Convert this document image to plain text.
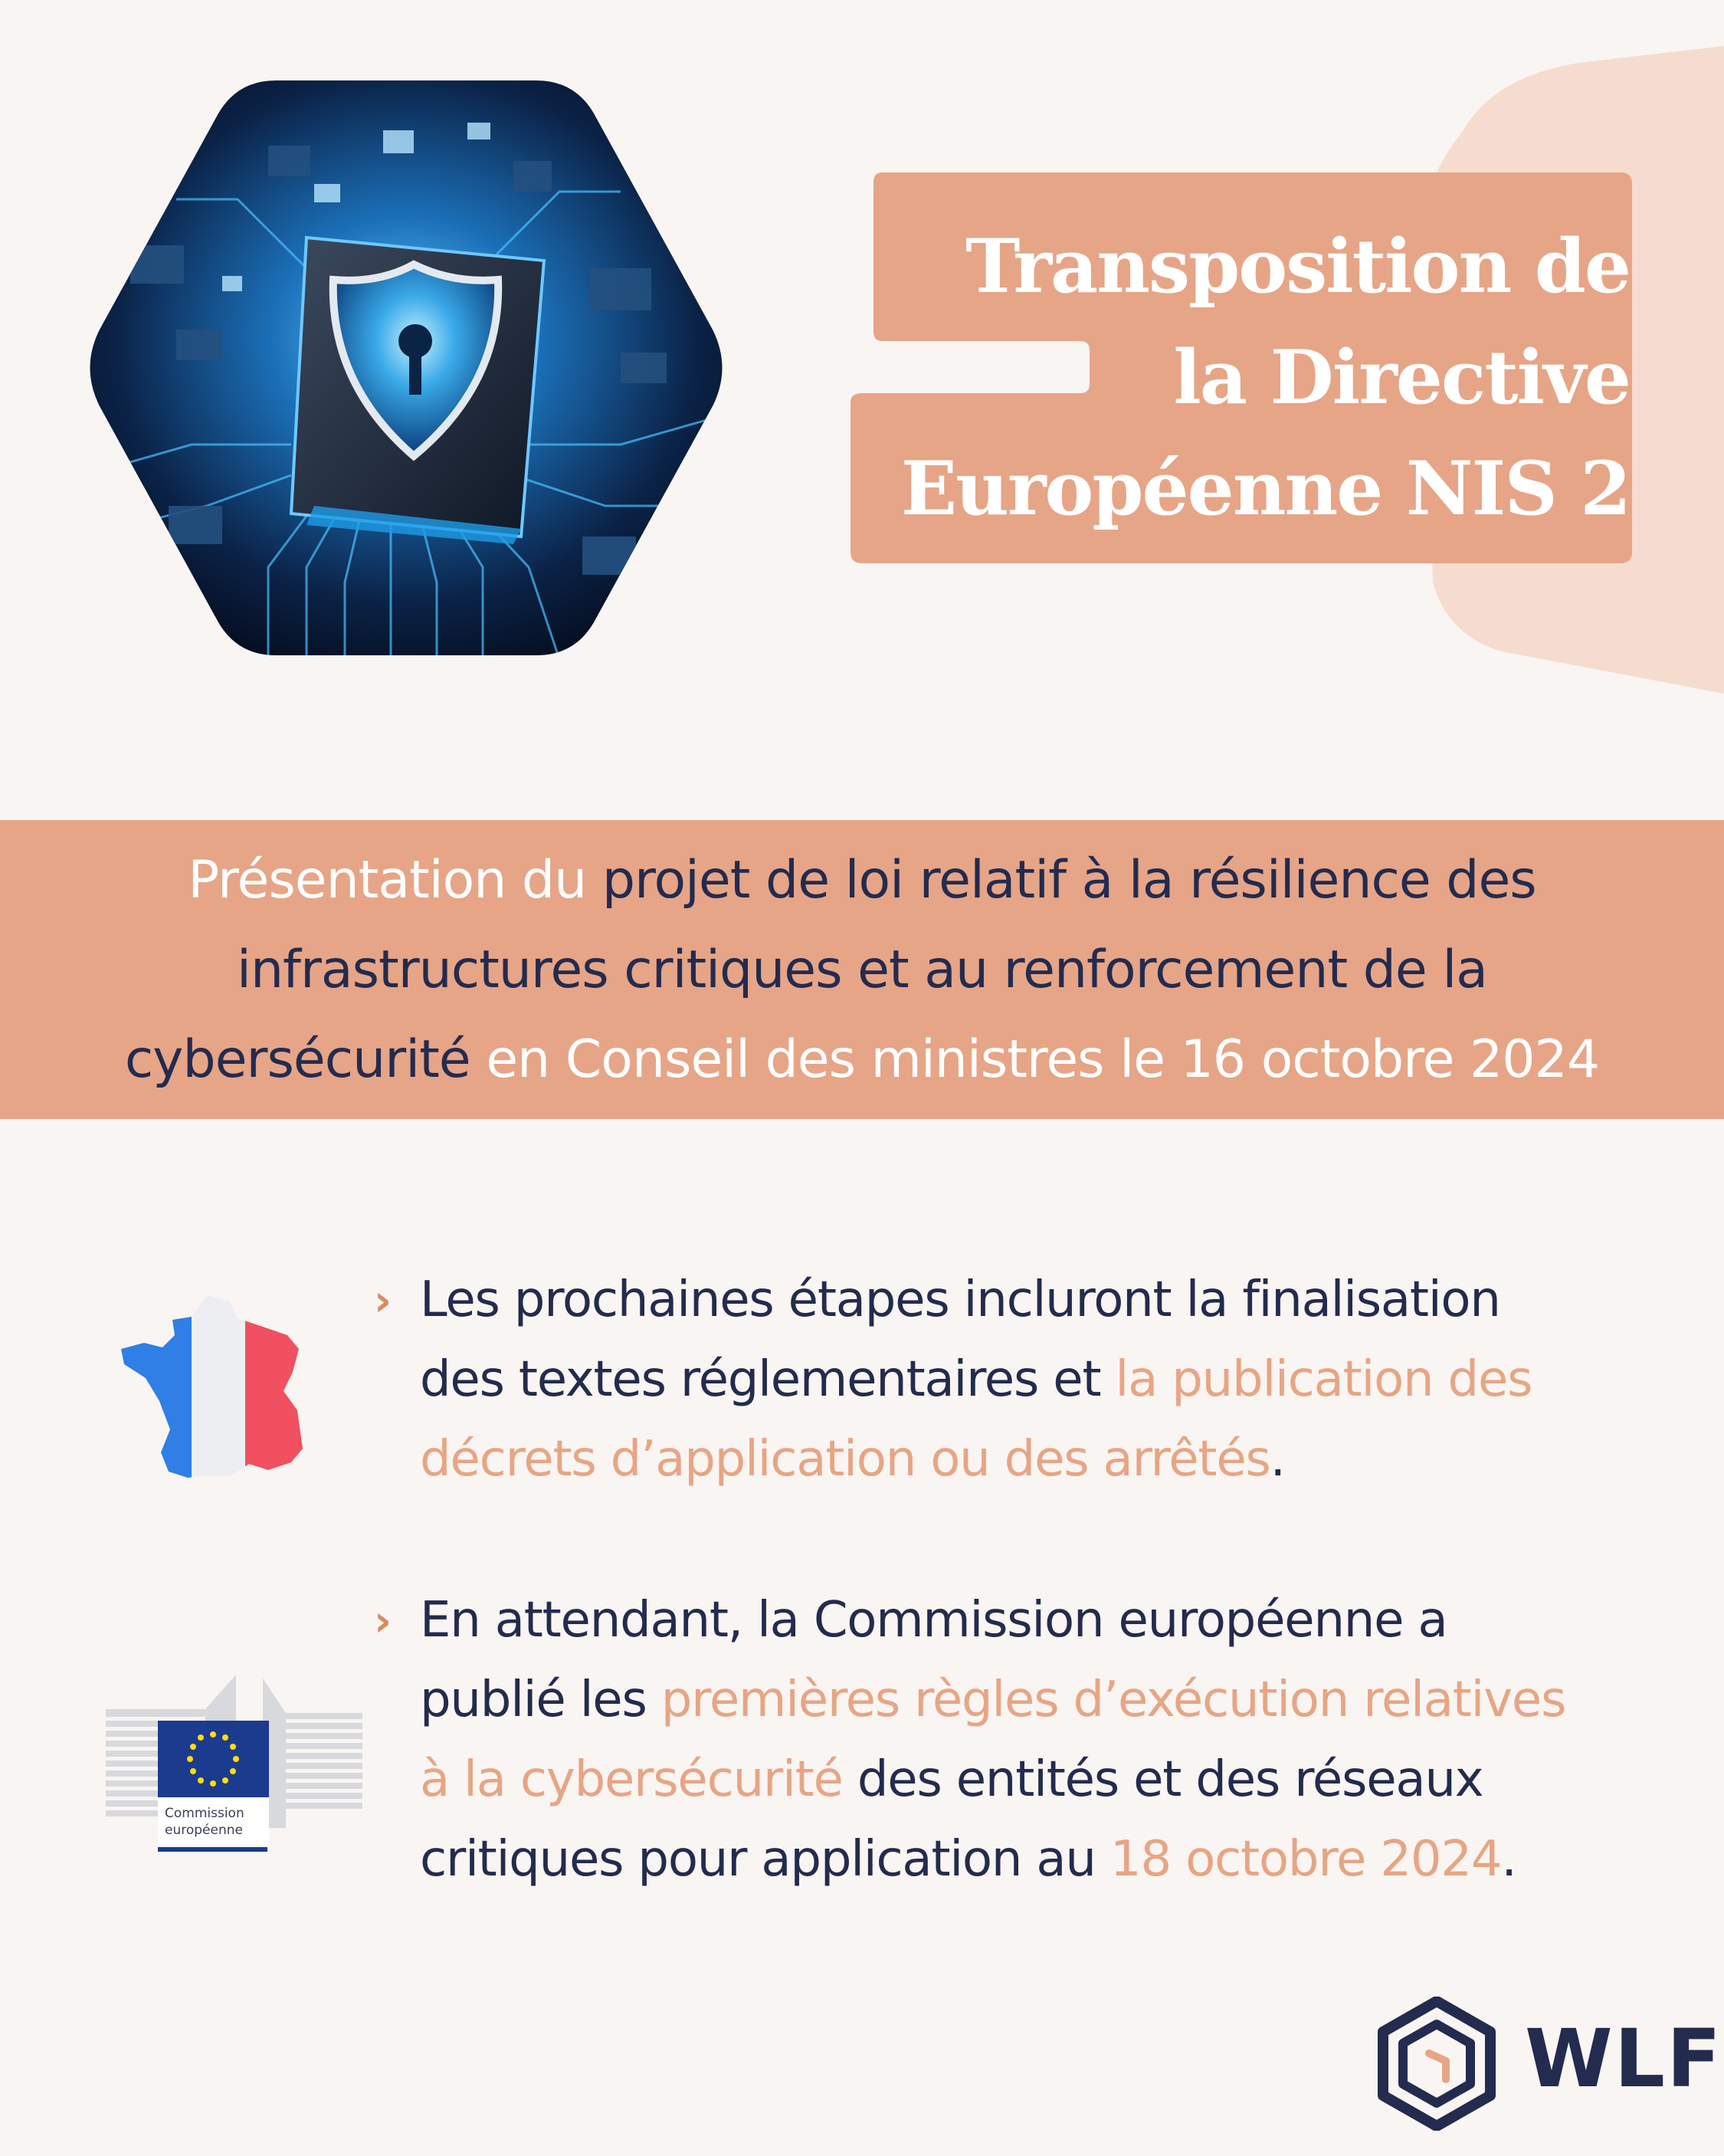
Transposition de
la Directive
Européenne NIS 2

Présentation du projet de loi relatif à la résilience des
infrastructures critiques et au renforcement de la
cybersécurité en Conseil des ministres le 16 octobre 2024

› Les prochaines étapes incluront la finalisation
des textes réglementaires et la publication des
décrets d’application ou des arrêtés.
Commission
européenne
› En attendant, la Commission européenne a
publié les premières règles d’exécution relatives
à la cybersécurité des entités et des réseaux
critiques pour application au 18 octobre 2024.
WLF
